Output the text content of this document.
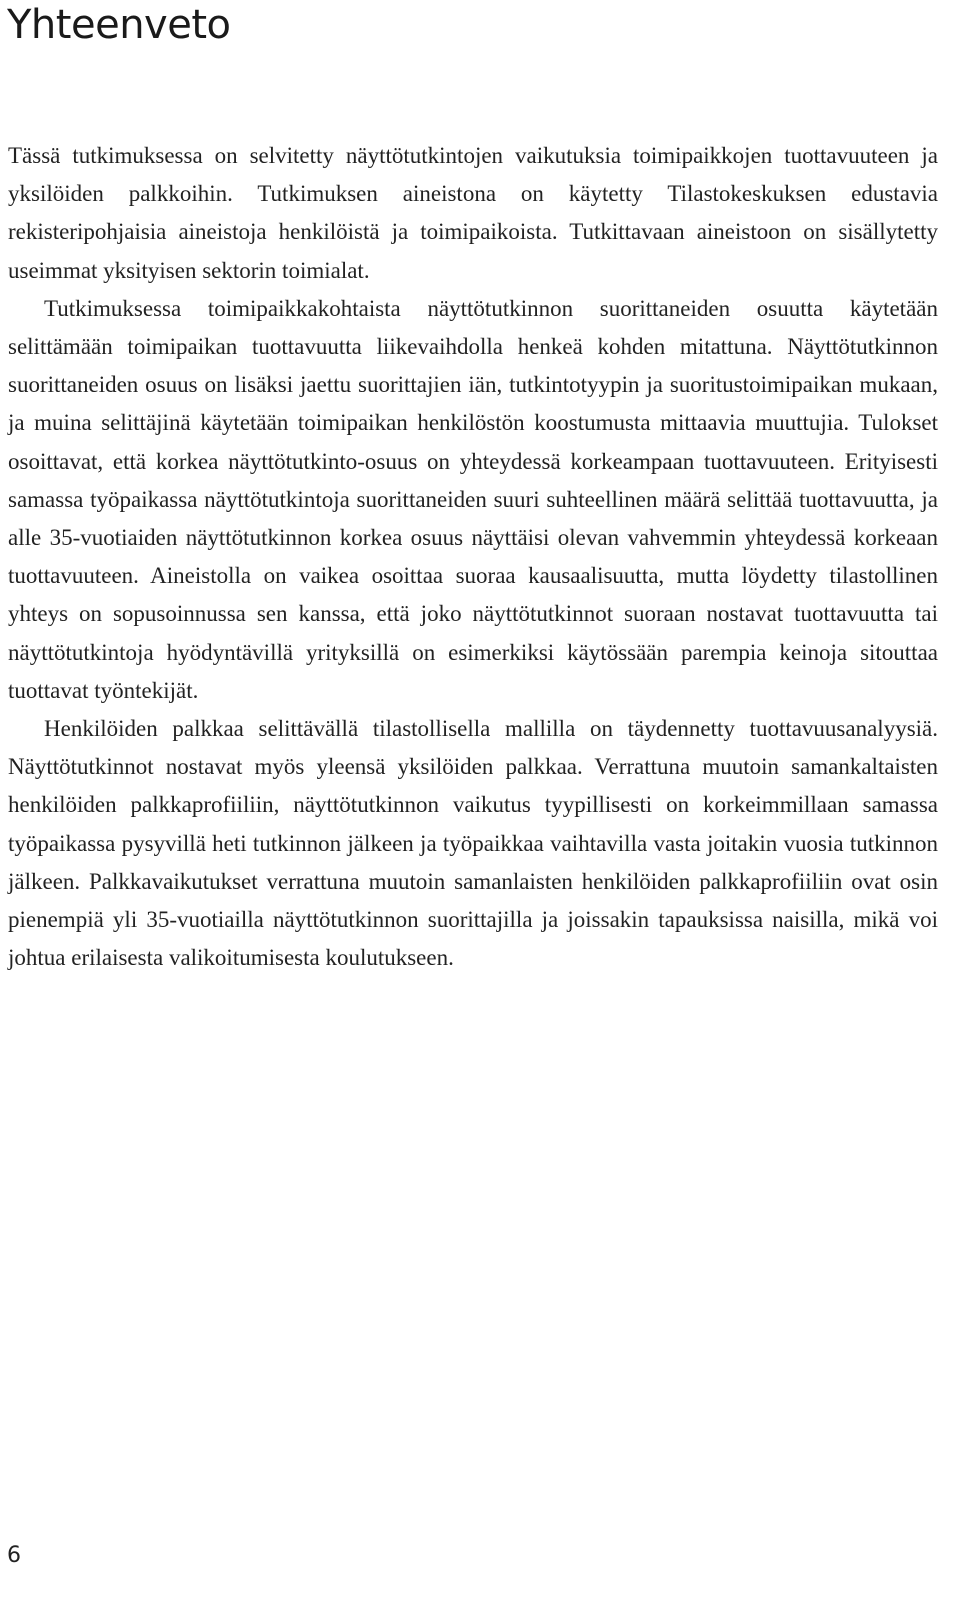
Yhteenveto

Tässä tutkimuksessa on selvitetty näyttötutkintojen vaikutuksia toimipaikkojen tuottavuuteen ja yksilöiden palkkoihin. Tutkimuksen aineistona on käytetty Tilastokeskuksen edustavia rekisteripohjaisia aineistoja henkilöistä ja toimipaikoista. Tutkittavaan aineistoon on sisällytetty useimmat yksityisen sektorin toimialat.

Tutkimuksessa toimipaikkakohtaista näyttötutkinnon suorittaneiden osuutta käytetään selittämään toimipaikan tuottavuutta liikevaihdolla henkeä kohden mitattuna. Näyttötutkinnon suorittaneiden osuus on lisäksi jaettu suorittajien iän, tutkintotyypin ja suoritustoimipaikan mukaan, ja muina selittäjinä käytetään toimipaikan henkilöstön koostumusta mittaavia muuttujia. Tulokset osoittavat, että korkea näyttötutkinto-osuus on yhteydessä korkeampaan tuottavuuteen. Erityisesti samassa työpaikassa näyttötutkintoja suorittaneiden suuri suhteellinen määrä selittää tuottavuutta, ja alle 35-vuotiaiden näyttötutkinnon korkea osuus näyttäisi olevan vahvemmin yhteydessä korkeaan tuottavuuteen. Aineistolla on vaikea osoittaa suoraa kausaalisuutta, mutta löydetty tilastollinen yhteys on sopusoinnussa sen kanssa, että joko näyttötutkinnot suoraan nostavat tuottavuutta tai näyttötutkintoja hyödyntävillä yrityksillä on esimerkiksi käytössään parempia keinoja sitouttaa tuottavat työntekijät.

Henkilöiden palkkaa selittävällä tilastollisella mallilla on täydennetty tuottavuusanalyysiä. Näyttötutkinnot nostavat myös yleensä yksilöiden palkkaa. Verrattuna muutoin samankaltaisten henkilöiden palkkaprofiiliin, näyttötutkinnon vaikutus tyypillisesti on korkeimmillaan samassa työpaikassa pysyvillä heti tutkinnon jälkeen ja työpaikkaa vaihtavilla vasta joitakin vuosia tutkinnon jälkeen. Palkkavaikutukset verrattuna muutoin samanlaisten henkilöiden palkkaprofiiliin ovat osin pienempiä yli 35-vuotiailla näyttötutkinnon suorittajilla ja joissakin tapauksissa naisilla, mikä voi johtua erilaisesta valikoitumisesta koulutukseen.

6
